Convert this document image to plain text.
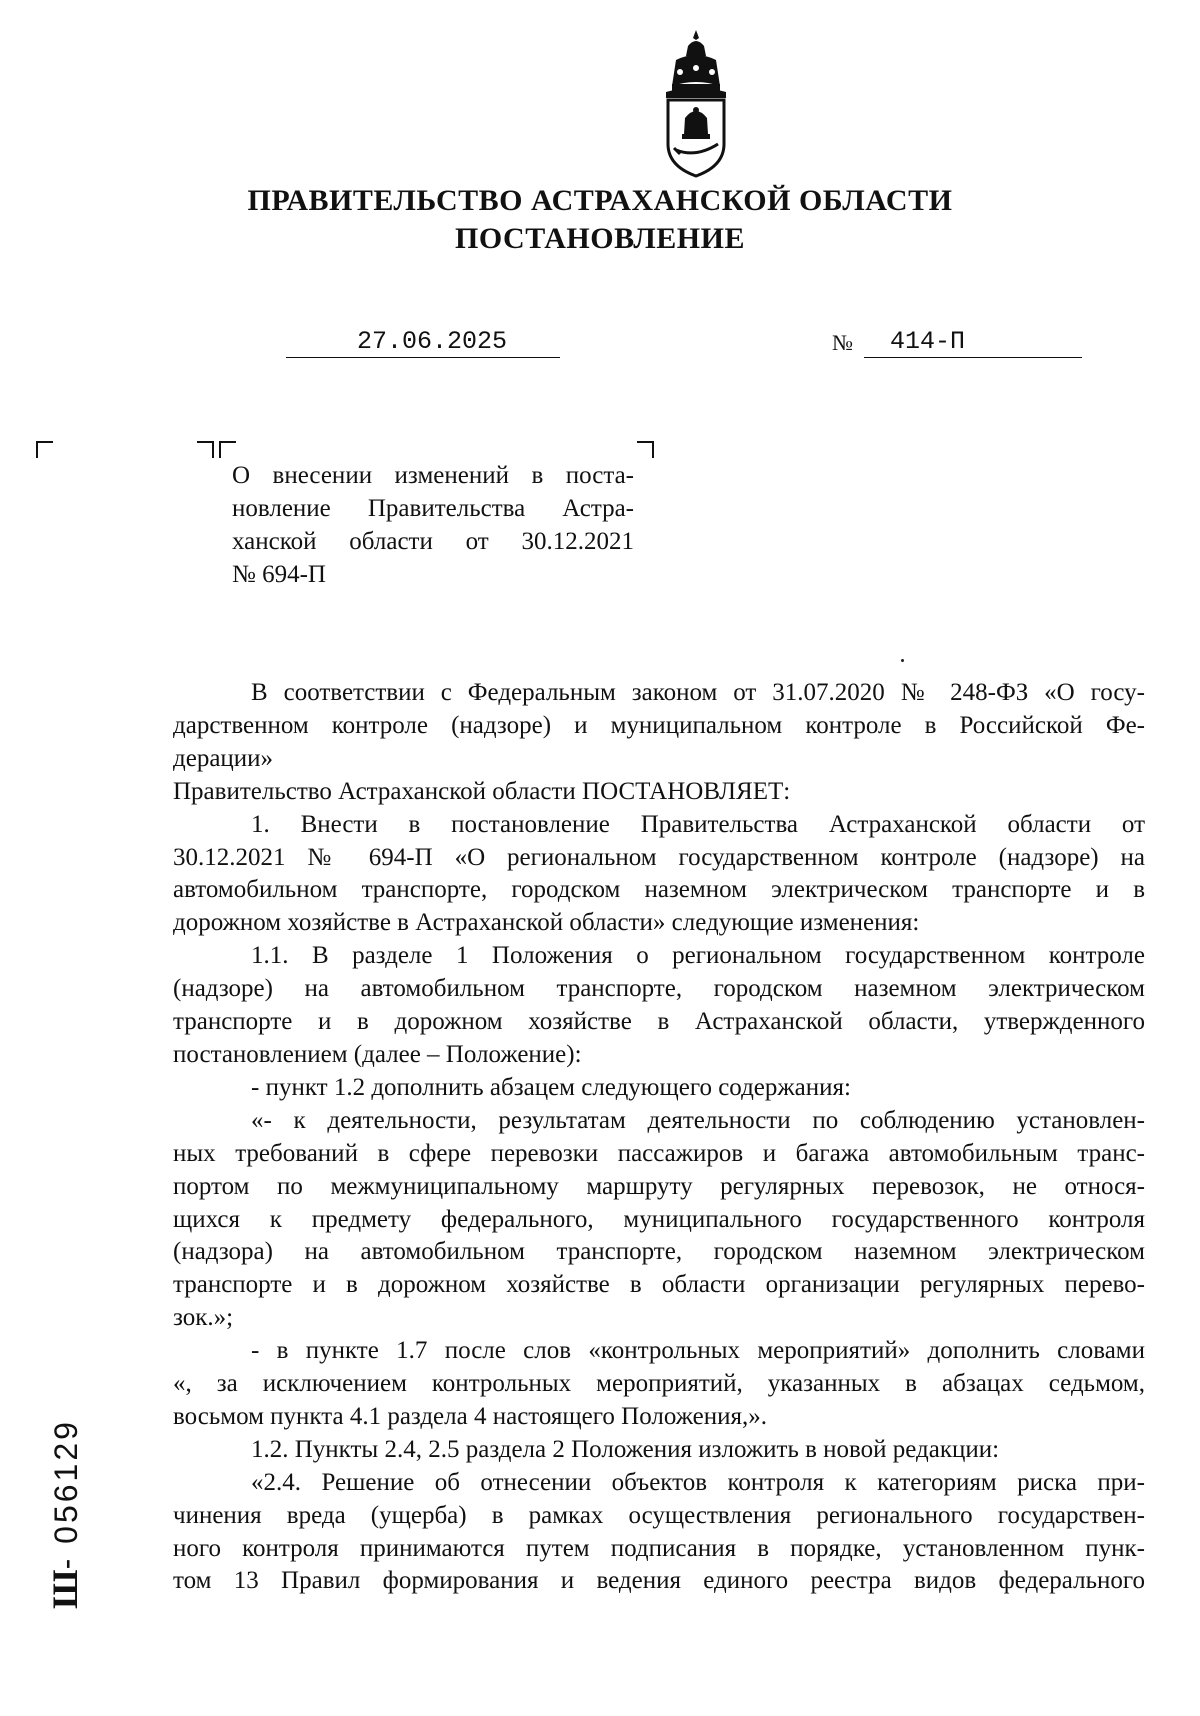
ПРАВИТЕЛЬСТВО АСТРАХАНСКОЙ ОБЛАСТИ
ПОСТАНОВЛЕНИЕ
27.06.2025	№	414-П
О внесении изменений в поста-
новление Правительства Астра-
ханской области от 30.12.2021
№ 694-П
В соответствии с Федеральным законом от 31.07.2020 № 248-ФЗ «О госу-
дарственном контроле (надзоре) и муниципальном контроле в Российской Фе-
дерации»
Правительство Астраханской области ПОСТАНОВЛЯЕТ:
1. Внести в постановление Правительства Астраханской области от
30.12.2021 № 694-П «О региональном государственном контроле (надзоре) на
автомобильном транспорте, городском наземном электрическом транспорте и в
дорожном хозяйстве в Астраханской области» следующие изменения:
1.1. В разделе 1 Положения о региональном государственном контроле
(надзоре) на автомобильном транспорте, городском наземном электрическом
транспорте и в дорожном хозяйстве в Астраханской области, утвержденного
постановлением (далее – Положение):
- пункт 1.2 дополнить абзацем следующего содержания:
«- к деятельности, результатам деятельности по соблюдению установлен-
ных требований в сфере перевозки пассажиров и багажа автомобильным транс-
портом по межмуниципальному маршруту регулярных перевозок, не относя-
щихся к предмету федерального, муниципального государственного контроля
(надзора) на автомобильном транспорте, городском наземном электрическом
транспорте и в дорожном хозяйстве в области организации регулярных перево-
зок.»;
- в пункте 1.7 после слов «контрольных мероприятий» дополнить словами
«, за исключением контрольных мероприятий, указанных в абзацах седьмом,
восьмом пункта 4.1 раздела 4 настоящего Положения,».
1.2. Пункты 2.4, 2.5 раздела 2 Положения изложить в новой редакции:
«2.4. Решение об отнесении объектов контроля к категориям риска при-
чинения вреда (ущерба) в рамках осуществления регионального государствен-
ного контроля принимаются путем подписания в порядке, установленном пунк-
том 13 Правил формирования и ведения единого реестра видов федерального
Ш- 056129
